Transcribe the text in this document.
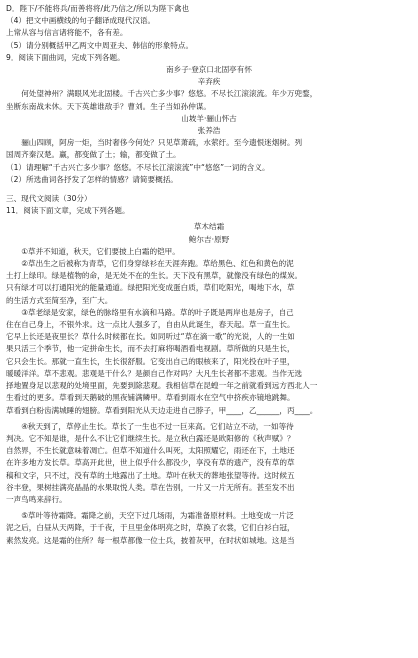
D．陛下/不能将兵/而善将将/此乃信之/所以为陛下禽也
（4）把文中画横线的句子翻译成现代汉语。
上常从容与信言诸将能不，各有差。
（5）请分别概括甲乙两文中周亚夫、韩信的形象特点。
9．阅读下面曲词，完成下列各题。
南乡子·登京口北固亭有怀
辛弃疾
何处望神州？满眼风光北固楼。千古兴亡多少事？悠悠。不尽长江滚滚流。年少万兜鍪，
坐断东南战未休。天下英雄谁敌手？曹刘。生子当如孙仲谋。
山坡羊·骊山怀古
张养浩
骊山四顾，阿房一炬，当时奢侈今何处？只见草萧疏，水萦纡。至今遗恨迷烟树。列
国周齐秦汉楚。赢，都变做了土；输，都变做了土。
（1）请理解“千古兴亡多少事？悠悠。不尽长江滚滚流”中“悠悠”一词的含义。
（2）所选曲词各抒发了怎样的情感？请简要概括。
三、现代文阅读（30分）
11．阅读下面文章，完成下列各题。
草木结霜
鲍尔吉·原野
①草并不知道，秋天，它们要披上白霜的铠甲。
②草出生之后被称为青草，它们身穿绿衫在天涯奔跑。草给黑色、红色和黄色的泥
土打上绿印。绿是植物的命，是无处不在的生长。天下没有黑草，就像没有绿色的煤炭。
只有绿才可以打通阳光的能量通道。绿把阳光变成蛋白质，草们吃阳光，喝地下水，草
的生活方式至简至净，至广大。
③草老绿是安家，绿色的脉络里有水滴和马路。草的叶子既是两岸也是房子，自己
住在自己身上，不银外求。这一点比人强多了，自由从此诞生，春天起。草一直生长。
它早上长还是夜里长？草什么时候都在长。如同听过“草在滴一歌”的光说，人的一生如
果只活三个季节，他一定拼命生长，而不去打麻将喝酒看电视剧。草所做的只是生长，
它只会生长。那就一直生长，生长很舒服。它变出自己的眼核来了，阳光投在叶子里，
暖暖洋洋。草不悲观。悲观是干什么？是颜自己作对吗？大凡生长者都不悲观。当作无选
择地置身足以悲观的处境里面，先要到除悲观。我相信草在昆蝗一年之前就看到远方西北人一
生看过的更多。草看到天鹅破的黑夜铺满鳞甲。草看到雨水在空气中挤疾亦镜地跳舞。
草看到白粉齿满城睡的翅膀。草看到阳光从天边走进自己脖子，甲____，乙______，丙____。
④秋天到了，草停止生长。草长了一生也不过一巨来高。它们站立不动，一如等待
判决。它不知是谁，是什么不让它们继续生长。是立秋白露还是欧阳修的《秋声赋》？
自然界，不生长就意味着凋亡。但草不知道什么叫死，太阳照耀它，雨还在下，土地还
在许多地方发长草。草高开此世，世上似乎什么都没少，享没有草的遗产，没有草的草
稿和文字，只不过，没有草的土地露出了土地。草叶在秋天的葬地张望等待。这时候五
谷丰登，果树挂满亮晶晶的水果取悦人类。草在告别，一片又一片无所有。甚至发不出
一声鸟鸣来辞行。
⑤草叶等待霜降。霜降之前，天空下过几场雨，为霜准备原材料。土地变成一片泛
泥之后，白昼从天两降，于千夜，于旦里金体明亮之时，草换了衣裳，它们白衫白冠，
素然发亮。这是霜的住所？每一根草都像一位士兵，披着灰甲，在时状如城地。这是当
